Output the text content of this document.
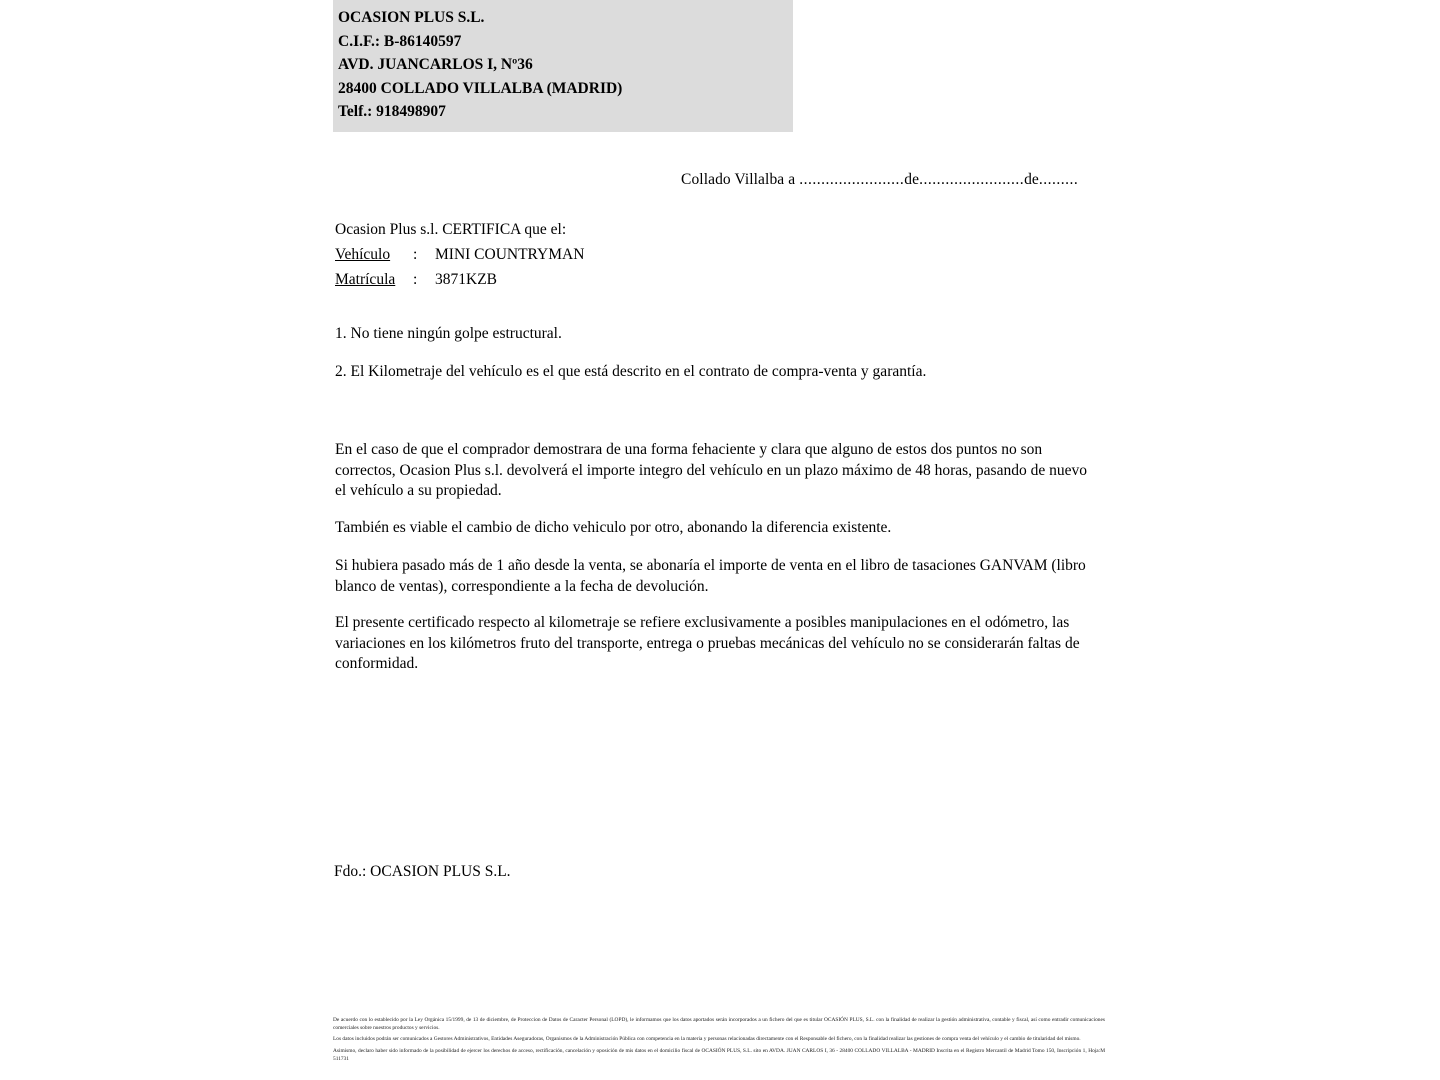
OCASION PLUS S.L.
C.I.F.: B-86140597
AVD. JUANCARLOS I, Nº36
28400 COLLADO VILLALBA (MADRID)
Telf.: 918498907
Collado Villalba a ........................de........................de.........
Ocasion Plus s.l. CERTIFICA que el:
Vehículo : MINI COUNTRYMAN
Matrícula : 3871KZB
1. No tiene ningún golpe estructural.
2. El Kilometraje del vehículo es el que está descrito en el contrato de compra-venta y garantía.
En el caso de que el comprador demostrara de una forma fehaciente y clara que alguno de estos dos puntos no son correctos, Ocasion Plus s.l. devolverá el importe integro del vehículo en un plazo máximo de 48 horas, pasando de nuevo el vehículo a su propiedad.
También es viable el cambio de dicho vehiculo por otro, abonando la diferencia existente.
Si hubiera pasado más de 1 año desde la venta, se abonaría el importe de venta en el libro de tasaciones GANVAM (libro blanco de ventas), correspondiente a la fecha de devolución.
El presente certificado respecto al kilometraje se refiere exclusivamente a posibles manipulaciones en el odómetro, las variaciones en los kilómetros fruto del transporte, entrega o pruebas mecánicas del vehículo no se considerarán faltas de conformidad.
Fdo.: OCASION PLUS S.L.

De acuerdo con lo establecido por la Ley Orgánica 15/1999, de 13 de diciembre, de Proteccion de Datos de Caracter Personal (LOPD), le informamos que los datos aportados serán incorporados a un fichero del que es titular OCASIÓN PLUS, S.L. con la finalidad de realizar la gestión administrativa, contable y fiscal, así como entradir comunicaciones comerciales sobre nuestros productos y servicios.

Los datos incluidos podrán ser comunicados a Gestores Administrativos, Entidades Aseguradoras, Organismos de la Administración Pública con competencia en la materia y personas relacionadas directamente con el Responsable del fichero, con la finalidad realizar las gestiones de compra venta del vehículo y el cambio de titularidad del mismo.

Asimismo, declaro haber sido informado de la posibilidad de ejercer los derechos de acceso, rectificación, cancelación y oposición de mis datos en el domicilio fiscal de OCASIÓN PLUS, S.L. sito en AVDA. JUAN CARLOS I, 36 - 28400 COLLADO VILLALBA - MADRID Inscrita en el Registro Mercantil de Madrid Tomo 150, Inscripción 1, Hoja:M 511731
